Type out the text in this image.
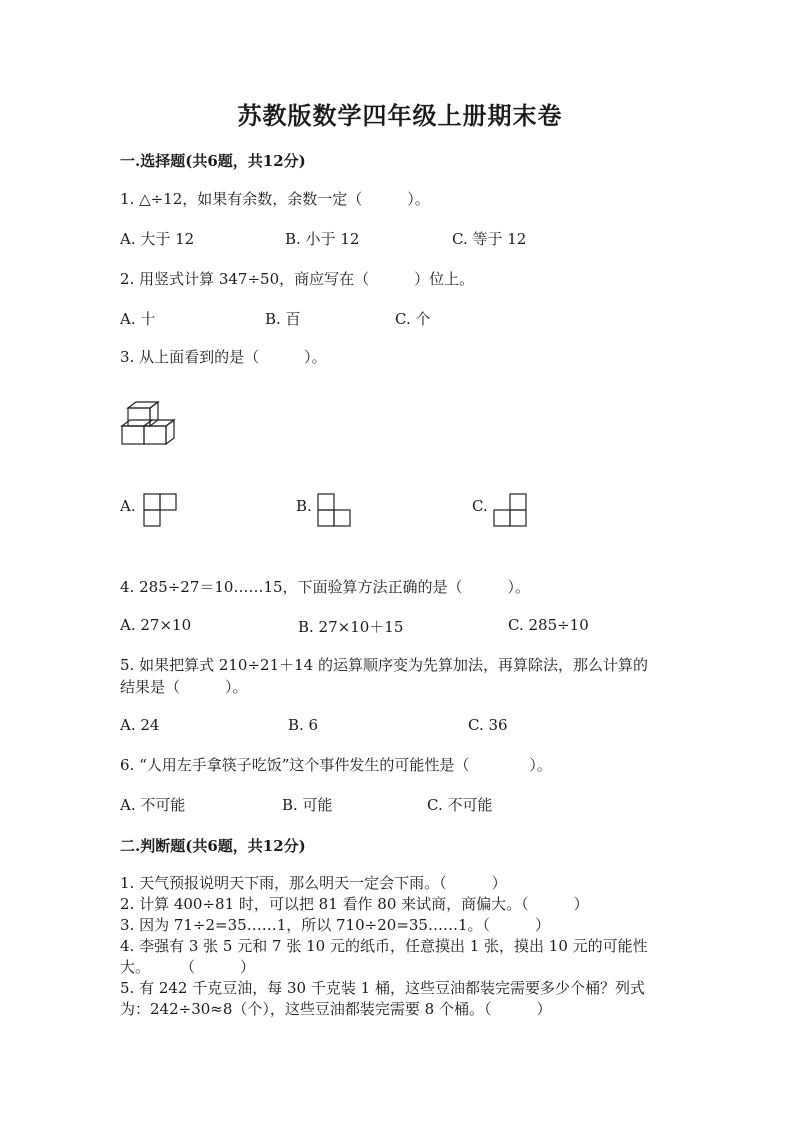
苏教版数学四年级上册期末卷
一.选择题(共6题，共12分)
1. △÷12，如果有余数，余数一定（　　　）。
A. 大于 12	B. 小于 12	C. 等于 12
2. 用竖式计算 347÷50，商应写在（　　　）位上。
A. 十	B. 百	C. 个
3. 从上面看到的是（　　　）。
A.	B.	C.
4. 285÷27＝10……15，下面验算方法正确的是（　　　）。
A. 27×10	B. 27×10＋15	C. 285÷10
5. 如果把算式 210÷21＋14 的运算顺序变为先算加法，再算除法，那么计算的
结果是（　　　）。
A. 24	B. 6	C. 36
6. “人用左手拿筷子吃饭”这个事件发生的可能性是（　　　　）。
A. 不可能	B. 可能	C. 不可能
二.判断题(共6题，共12分)
1. 天气预报说明天下雨，那么明天一定会下雨。（　　　）
2. 计算 400÷81 时，可以把 81 看作 80 来试商，商偏大。（　　　）
3. 因为 71÷2=35……1，所以 710÷20=35……1。（　　　）
4. 李强有 3 张 5 元和 7 张 10 元的纸币，任意摸出 1 张，摸出 10 元的可能性
大。　　　（　　　）
5. 有 242 千克豆油，每 30 千克装 1 桶，这些豆油都装完需要多少个桶？列式
为：242÷30≈8（个），这些豆油都装完需要 8 个桶。（　　　）
